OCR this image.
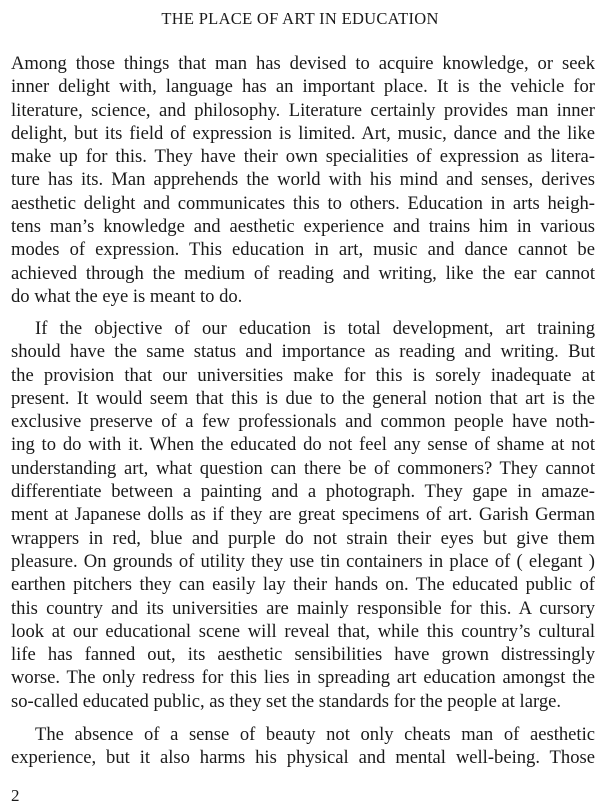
THE PLACE OF ART IN EDUCATION
Among those things that man has devised to acquire knowledge, or seek
inner delight with, language has an important place. It is the vehicle for
literature, science, and philosophy. Literature certainly provides man inner
delight, but its field of expression is limited. Art, music, dance and the like
make up for this. They have their own specialities of expression as litera-
ture has its. Man apprehends the world with his mind and senses, derives
aesthetic delight and communicates this to others. Education in arts heigh-
tens man’s knowledge and aesthetic experience and trains him in various
modes of expression. This education in art, music and dance cannot be
achieved through the medium of reading and writing, like the ear cannot
do what the eye is meant to do.
If the objective of our education is total development, art training
should have the same status and importance as reading and writing. But
the provision that our universities make for this is sorely inadequate at
present. It would seem that this is due to the general notion that art is the
exclusive preserve of a few professionals and common people have noth-
ing to do with it. When the educated do not feel any sense of shame at not
understanding art, what question can there be of commoners? They cannot
differentiate between a painting and a photograph. They gape in amaze-
ment at Japanese dolls as if they are great specimens of art. Garish German
wrappers in red, blue and purple do not strain their eyes but give them
pleasure. On grounds of utility they use tin containers in place of ( elegant )
earthen pitchers they can easily lay their hands on. The educated public of
this country and its universities are mainly responsible for this. A cursory
look at our educational scene will reveal that, while this country’s cultural
life has fanned out, its aesthetic sensibilities have grown distressingly
worse. The only redress for this lies in spreading art education amongst the
so-called educated public, as they set the standards for the people at large.
The absence of a sense of beauty not only cheats man of aesthetic
experience, but it also harms his physical and mental well-being. Those
2
